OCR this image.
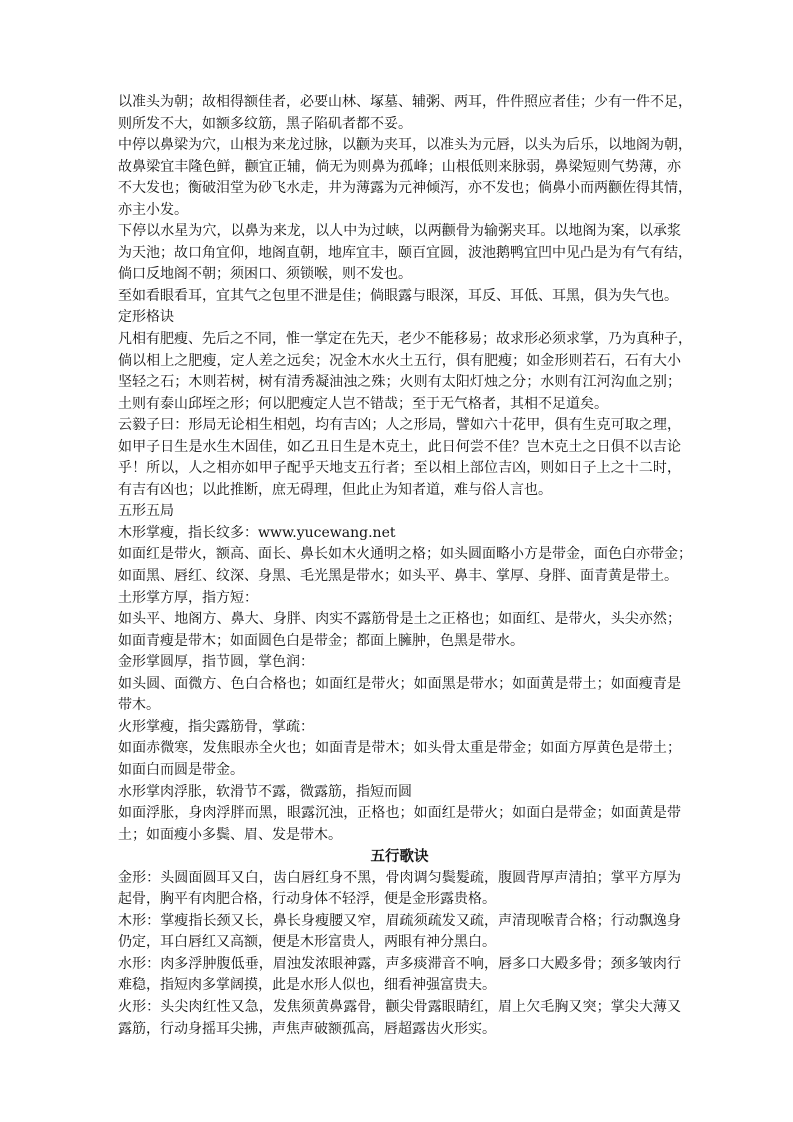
以准头为朝；故相得额佳者，必要山林、塚墓、辅粥、两耳，件件照应者佳；少有一件不足，
则所发不大，如额多纹筋，黑子陷矶者都不妥。
中停以鼻梁为穴，山根为来龙过脉，以颧为夹耳，以准头为元唇，以头为后乐，以地阁为朝，
故鼻梁宜丰隆色鲜，颧宜正辅，倘无为则鼻为孤峰；山根低则来脉弱，鼻梁短则气势薄，亦
不大发也；衡破泪堂为砂飞水走，井为薄露为元神倾泻，亦不发也；倘鼻小而两颧佐得其情，
亦主小发。
下停以水星为穴，以鼻为来龙，以人中为过峡，以两颧骨为输粥夹耳。以地阁为案，以承浆
为天池；故口角宜仰，地阁直朝，地库宜丰，颐百宜圆，波池鹅鸭宜凹中见凸是为有气有结，
倘口反地阁不朝；须困口、须锁喉，则不发也。
至如看眼看耳，宜其气之包里不泄是佳；倘眼露与眼深，耳反、耳低、耳黑，俱为失气也。
定形格诀
凡相有肥瘦、先后之不同，惟一掌定在先天，老少不能移易；故求形必须求掌，乃为真种子，
倘以相上之肥瘦，定人差之远矣；况金木水火土五行，俱有肥瘦；如金形则若石，石有大小
坚轻之石；木则若树，树有清秀凝油浊之殊；火则有太阳灯烛之分；水则有江河沟血之别；
土则有泰山邱垤之形；何以肥瘦定人岂不错哉；至于无气格者，其相不足道矣。
云毅子曰：形局无论相生相剋，均有吉凶；人之形局，譬如六十花甲，俱有生克可取之理，
如甲子日生是水生木固佳，如乙丑日生是木克土，此日何尝不佳？岂木克土之日俱不以吉论
乎！所以，人之相亦如甲子配乎天地支五行者；至以相上部位吉凶，则如日子上之十二时，
有吉有凶也；以此推断，庶无碍理，但此止为知者道，难与俗人言也。
五形五局
木形掌瘦，指长纹多：www.yucewang.net
如面红是带火，额高、面长、鼻长如木火通明之格；如头圆面略小方是带金，面色白亦带金；
如面黑、唇红、纹深、身黑、毛光黑是带水；如头平、鼻丰、掌厚、身胖、面青黄是带土。
土形掌方厚，指方短：
如头平、地阁方、鼻大、身胖、肉实不露筋骨是土之正格也；如面红、是带火，头尖亦然；
如面青瘦是带木；如面圆色白是带金；都面上臃肿，色黑是带水。
金形掌圆厚，指节圆，掌色润：
如头圆、面微方、色白合格也；如面红是带火；如面黑是带水；如面黄是带土；如面瘦青是
带木。
火形掌瘦，指尖露筋骨，掌疏：
如面赤微寒，发焦眼赤全火也；如面青是带木；如头骨太重是带金；如面方厚黄色是带土；
如面白而圆是带金。
水形掌肉浮胀，软滑节不露，微露筋，指短而圆
如面浮胀，身肉浮胖而黑，眼露沉浊，正格也；如面红是带火；如面白是带金；如面黄是带
土；如面瘦小多鬓、眉、发是带木。
五行歌诀
金形：头圆面圆耳又白，齿白唇红身不黑，骨肉调匀鬓髮疏，腹圆背厚声清拍；掌平方厚为
起骨，胸平有肉肥合格，行动身体不轻浮，便是金形露贵格。
木形：掌瘦指长颈又长，鼻长身瘦腰又窄，眉疏须疏发又疏，声清现喉青合格；行动飘逸身
仍定，耳白唇红又高额，便是木形富贵人，两眼有神分黑白。
水形：肉多浮肿腹低垂，眉浊发浓眼神露，声多痰滞音不响，唇多口大殿多骨；颈多皱肉行
难稳，指短肉多掌阔摸，此是水形人似也，细看神强富贵夫。
火形：头尖肉红性又急，发焦须黄鼻露骨，颧尖骨露眼睛红，眉上欠毛胸又突；掌尖大薄又
露筋，行动身摇耳尖拂，声焦声破额孤高，唇超露齿火形实。
